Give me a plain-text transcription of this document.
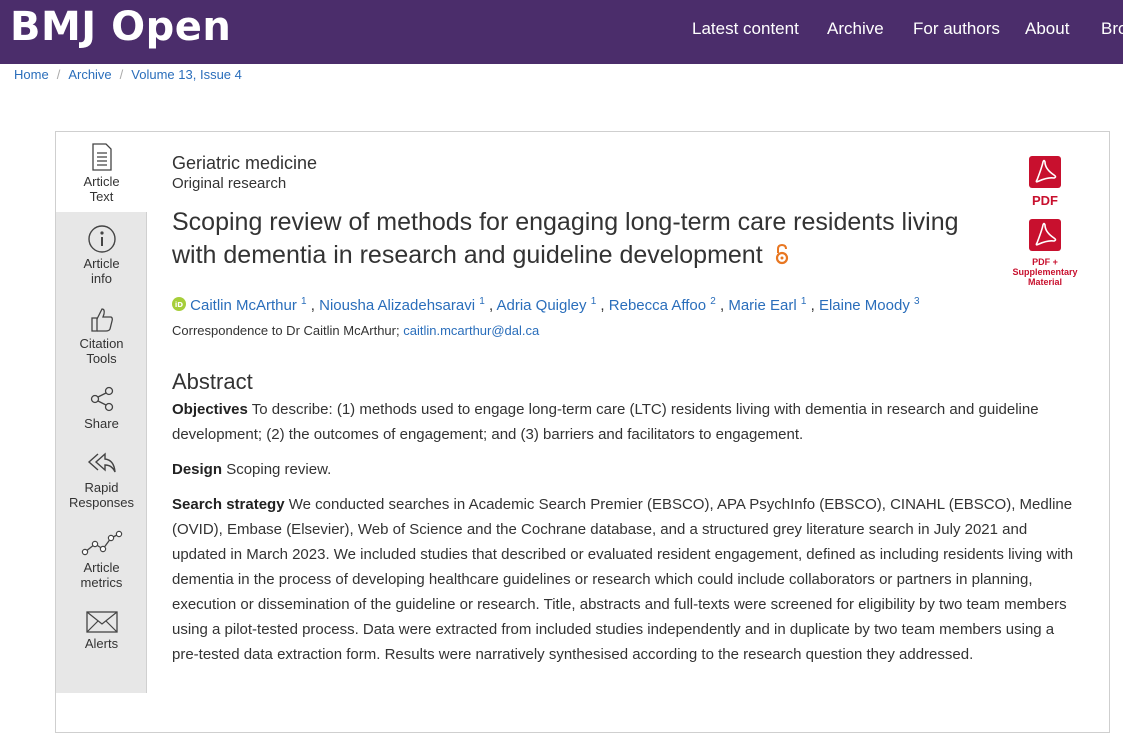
BMJ Open	Latest content Archive For authors About Bro
Home / Archive / Volume 13, Issue 4
Article
Text
Article
info
Citation
Tools
Share
Rapid
Responses
Article
metrics
Alerts
Geriatric medicine
Original research
Scoping review of methods for engaging long-term care residents living with dementia in research and guideline development
iD Caitlin McArthur $^1$ , Niousha Alizadehsaravi $^1$ , Adria Quigley $^1$ , Rebecca Affoo $^2$ , Marie Earl $^1$ , Elaine Moody $^3$
Correspondence to Dr Caitlin McArthur; caitlin.mcarthur@dal.ca
PDF
PDF +
Supplementary
Material
Abstract
Objectives To describe: (1) methods used to engage long-term care (LTC) residents living with dementia in research and guideline development; (2) the outcomes of engagement; and (3) barriers and facilitators to engagement.
Design Scoping review.
Search strategy We conducted searches in Academic Search Premier (EBSCO), APA PsychInfo (EBSCO), CINAHL (EBSCO), Medline (OVID), Embase (Elsevier), Web of Science and the Cochrane database, and a structured grey literature search in July 2021 and updated in March 2023. We included studies that described or evaluated resident engagement, defined as including residents living with dementia in the process of developing healthcare guidelines or research which could include collaborators or partners in planning, execution or dissemination of the guideline or research. Title, abstracts and full-texts were screened for eligibility by two team members using a pilot-tested process. Data were extracted from included studies independently and in duplicate by two team members using a pre-tested data extraction form. Results were narratively synthesised according to the research question they addressed.
